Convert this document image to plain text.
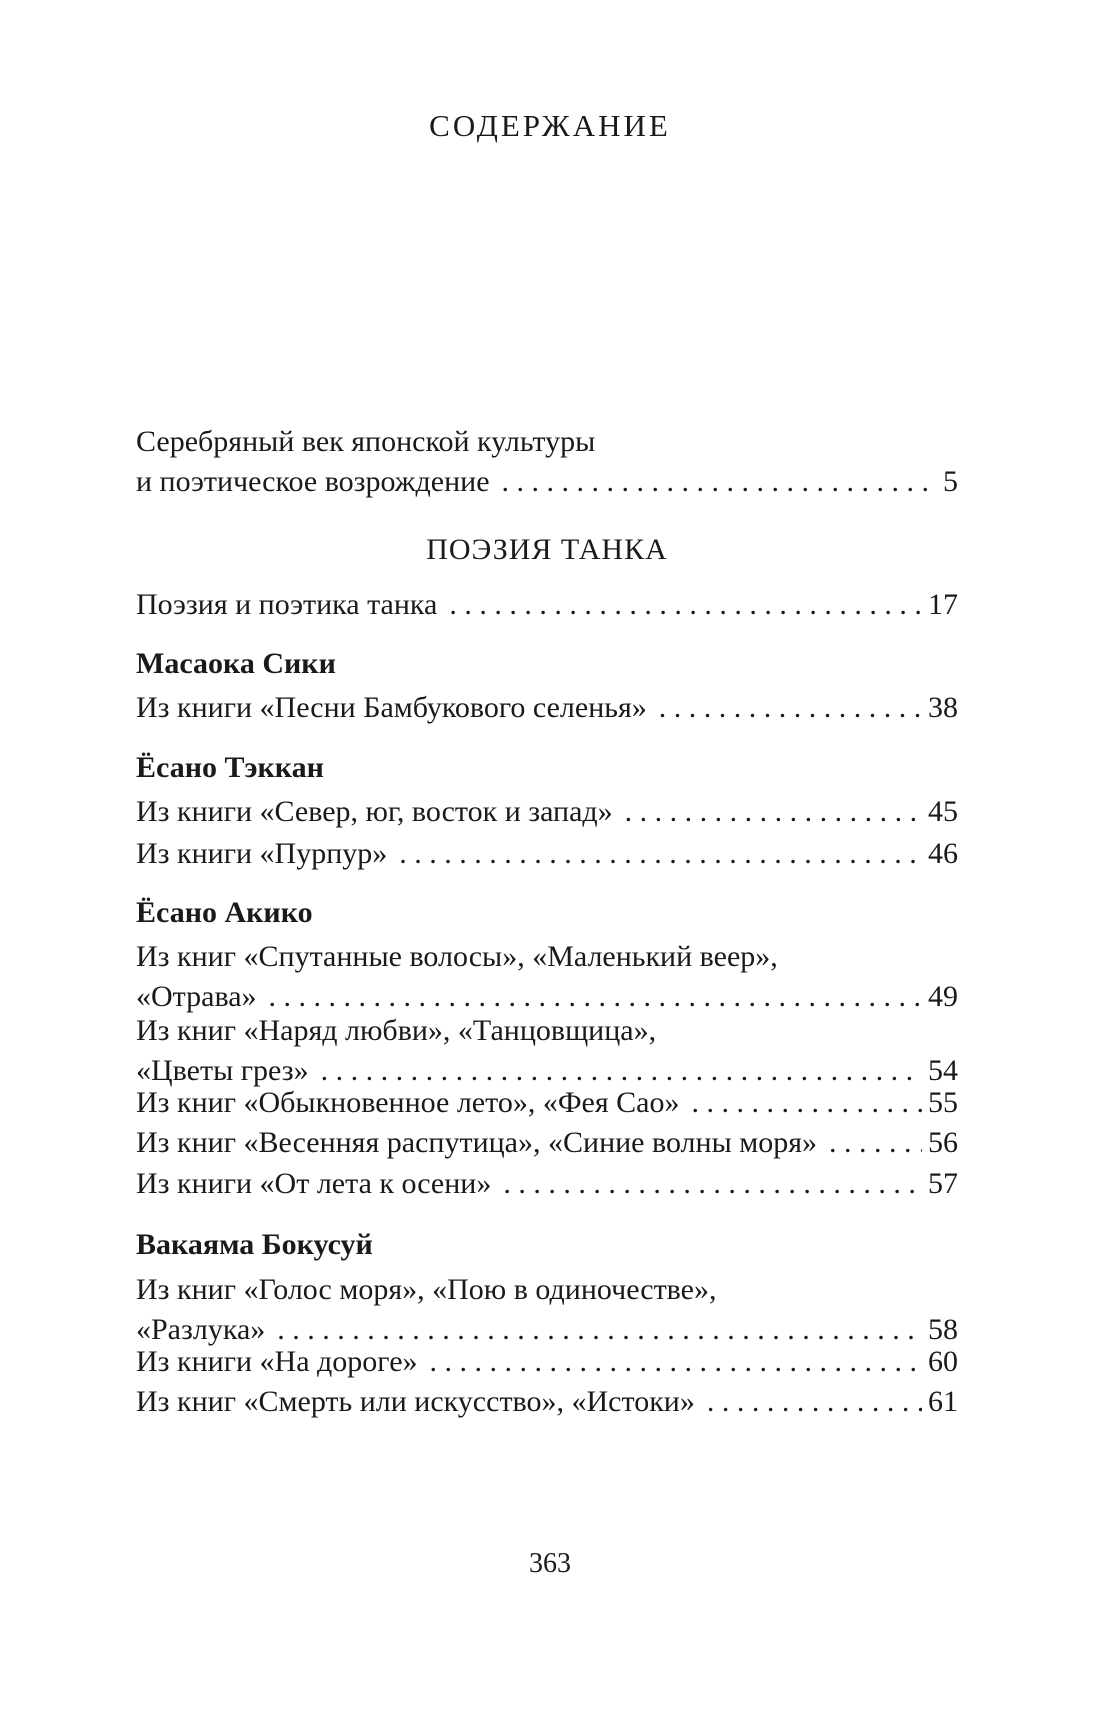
СОДЕРЖАНИЕ
Серебряный век японской культуры
и поэтическое возрождение . . .	5
ПОЭЗИЯ ТАНКА
Поэзия и поэтика танка . . .	17
Масаока Сики
Из книги «Песни Бамбукового селенья» . . .	38
Ёсано Тэккан
Из книги «Север, юг, восток и запад» . . .	45
Из книги «Пурпур» . . .	46
Ёсано Акико
Из книг «Спутанные волосы», «Маленький веер»,
«Отрава» . . .	49
Из книг «Наряд любви», «Танцовщица»,
«Цветы грез» . . .	54
Из книг «Обыкновенное лето», «Фея Сао» . . .	55
Из книг «Весенняя распутица», «Синие волны моря» . . .	56
Из книги «От лета к осени» . . .	57
Вакаяма Бокусуй
Из книг «Голос моря», «Пою в одиночестве»,
«Разлука» . . .	58
Из книги «На дороге» . . .	60
Из книг «Смерть или искусство», «Истоки» . . .	61
363
